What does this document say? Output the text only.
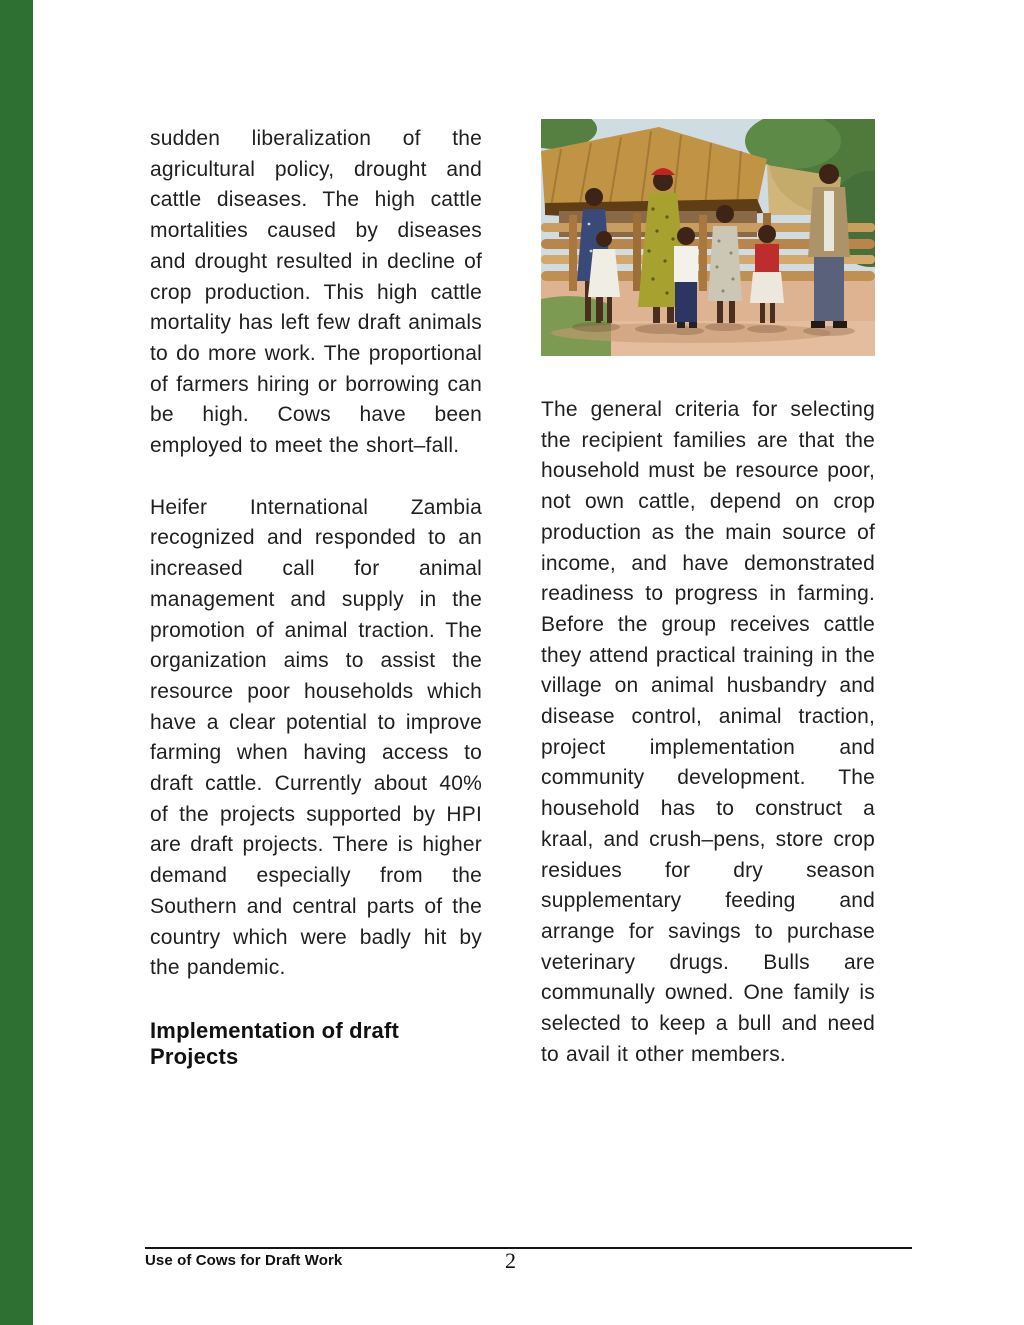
sudden liberalization of the agricultural policy, drought and cattle diseases. The high cattle mortalities caused by diseases and drought resulted in decline of crop production. This high cattle mortality has left few draft animals to do more work. The proportional of farmers hiring or borrowing can be high. Cows have been employed to meet the short–fall.

Heifer International Zambia recognized and responded to an increased call for animal management and supply in the promotion of animal traction. The organization aims to assist the resource poor households which have a clear potential to improve farming when having access to draft cattle. Currently about 40% of the projects supported by HPI are draft projects. There is higher demand especially from the Southern and central parts of the country which were badly hit by the pandemic.

Implementation of draft Projects

The general criteria for selecting the recipient families are that the household must be resource poor, not own cattle, depend on crop production as the main source of income, and have demonstrated readiness to progress in farming. Before the group receives cattle they attend practical training in the village on animal husbandry and disease control, animal traction, project implementation and community development. The household has to construct a kraal, and crush–pens, store crop residues for dry season supplementary feeding and arrange for savings to purchase veterinary drugs. Bulls are communally owned. One family is selected to keep a bull and need to avail it other members.

Use of Cows for Draft Work	2
